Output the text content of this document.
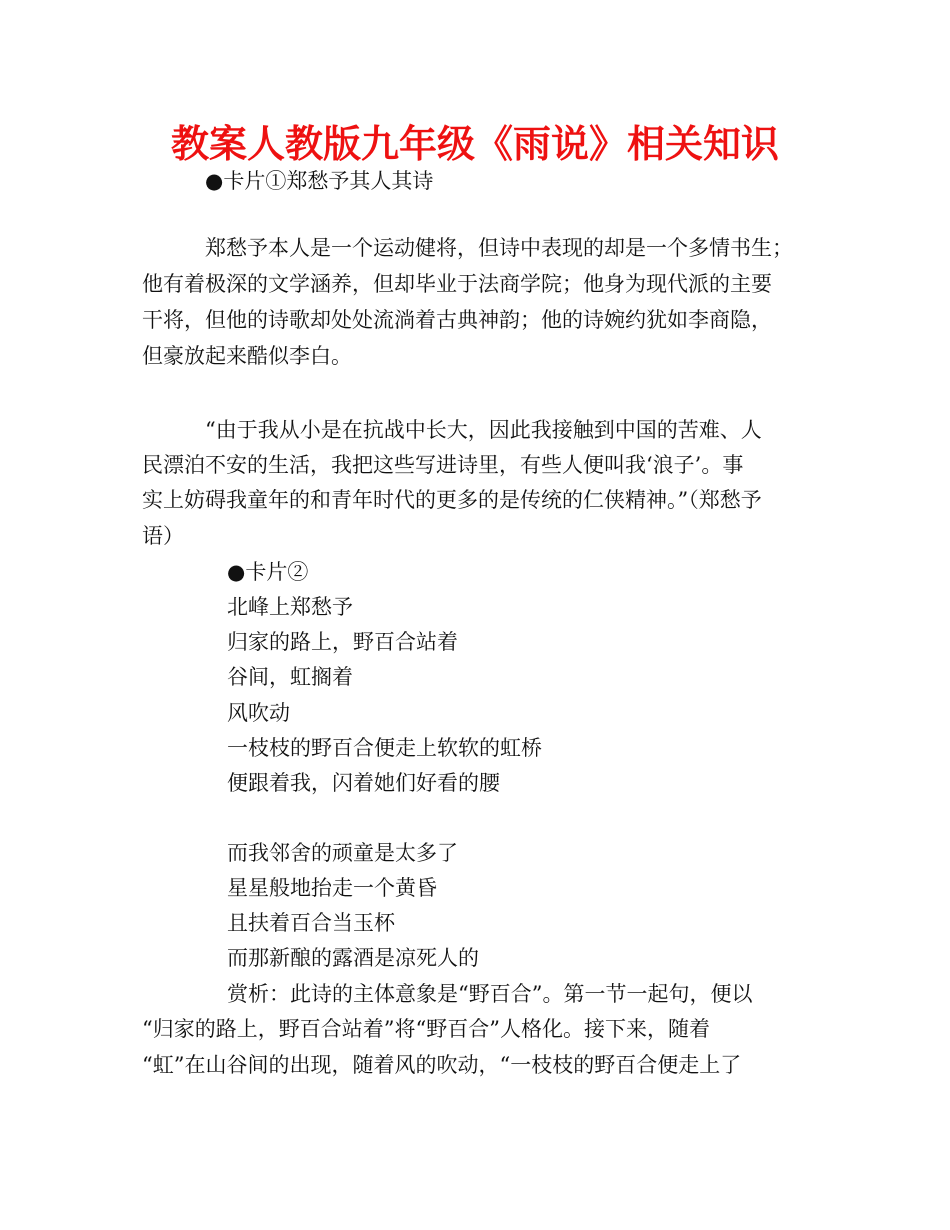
教案人教版九年级《雨说》相关知识
●卡片①郑愁予其人其诗
郑愁予本人是一个运动健将，但诗中表现的却是一个多情书生；
他有着极深的文学涵养，但却毕业于法商学院；他身为现代派的主要
干将，但他的诗歌却处处流淌着古典神韵；他的诗婉约犹如李商隐，
但豪放起来酷似李白。
“由于我从小是在抗战中长大，因此我接触到中国的苦难、人
民漂泊不安的生活，我把这些写进诗里，有些人便叫我‘浪子’。事
实上妨碍我童年的和青年时代的更多的是传统的仁侠精神。”（郑愁予
语）
●卡片②
北峰上郑愁予
归家的路上，野百合站着
谷间，虹搁着
风吹动
一枝枝的野百合便走上软软的虹桥
便跟着我，闪着她们好看的腰
而我邻舍的顽童是太多了
星星般地抬走一个黄昏
且扶着百合当玉杯
而那新酿的露酒是凉死人的
赏析：此诗的主体意象是“野百合”。第一节一起句，便以
“归家的路上，野百合站着”将“野百合”人格化。接下来，随着
“虹”在山谷间的出现，随着风的吹动，“一枝枝的野百合便走上了
